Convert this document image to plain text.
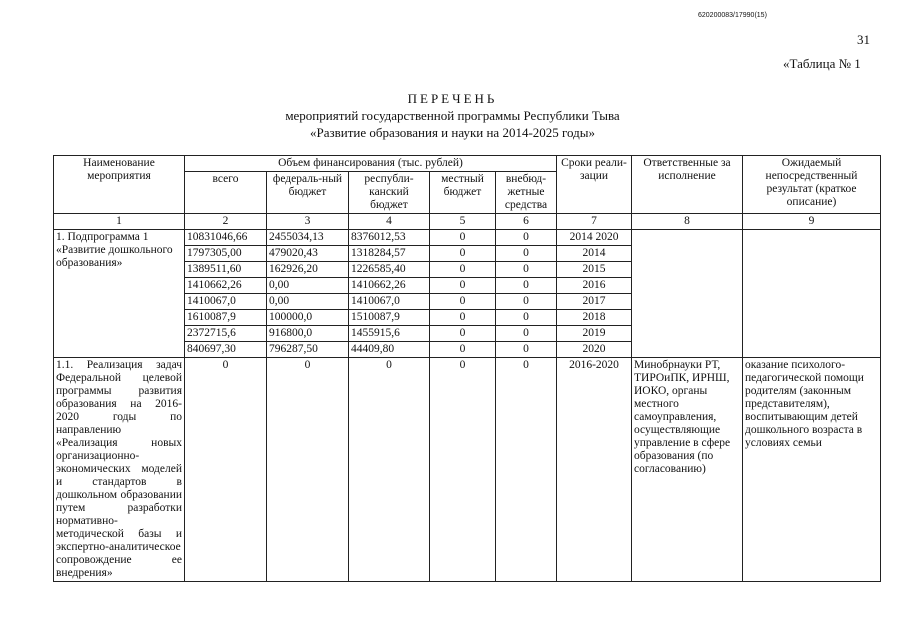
620200083/17990(15)
31
«Таблица № 1
ПЕРЕЧЕНЬ
мероприятий государственной программы Республики Тыва
«Развитие образования и науки на 2014-2025 годы»
Наименование мероприятия	Объем финансирования (тыс. рублей)					Сроки реали-зации	Ответственные за исполнение	Ожидаемый непосредственный результат (краткое описание)
	всего	федераль-ный бюджет	республи-канский бюджет	местный бюджет	внебюд-жетные средства			
1	2	3	4	5	6	7	8	9
1. Подпрограмма 1 «Развитие дошкольного образования»	10831046,66	2455034,13	8376012,53	0	0	2014 2020		
	1797305,00	479020,43	1318284,57	0	0	2014		
	1389511,60	162926,20	1226585,40	0	0	2015		
	1410662,26	0,00	1410662,26	0	0	2016		
	1410067,0	0,00	1410067,0	0	0	2017		
	1610087,9	100000,0	1510087,9	0	0	2018		
	2372715,6	916800,0	1455915,6	0	0	2019		
	840697,30	796287,50	44409,80	0	0	2020		
1.1. Реализация задач Федеральной целевой программы развития образования на 2016-2020 годы по направлению «Реализация новых организационно-экономических моделей и стандартов в дошкольном образовании путем разработки нормативно-методической базы и экспертно-аналитическое сопровождение ее внедрения»	0	0	0	0	0	2016-2020	Минобрнауки РТ, ТИРОиПК, ИРНШ, ИОКО, органы местного самоуправления, осуществляющие управление в сфере образования (по согласованию)	оказание психолого-педагогической помощи родителям (законным представителям), воспитывающим детей дошкольного возраста в условиях семьи
